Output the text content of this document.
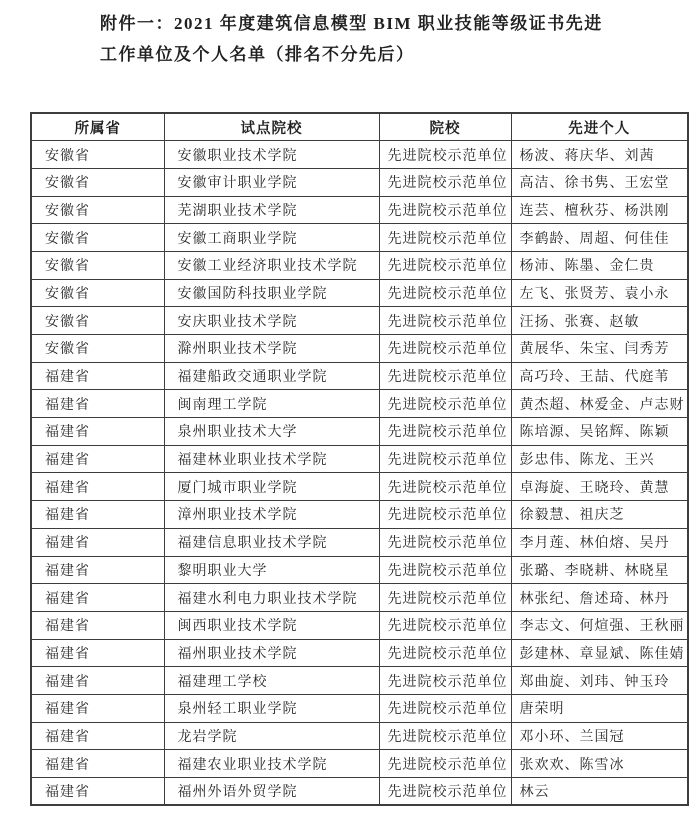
附件一：2021 年度建筑信息模型 BIM 职业技能等级证书先进
工作单位及个人名单（排名不分先后）
所属省	试点院校	院校	先进个人
安徽省	安徽职业技术学院	先进院校示范单位	杨波、蒋庆华、刘茜
安徽省	安徽审计职业学院	先进院校示范单位	高洁、徐书隽、王宏堂
安徽省	芜湖职业技术学院	先进院校示范单位	连芸、檀秋芬、杨洪刚
安徽省	安徽工商职业学院	先进院校示范单位	李鹤龄、周超、何佳佳
安徽省	安徽工业经济职业技术学院	先进院校示范单位	杨沛、陈墨、金仁贵
安徽省	安徽国防科技职业学院	先进院校示范单位	左飞、张贤芳、袁小永
安徽省	安庆职业技术学院	先进院校示范单位	汪扬、张赛、赵敏
安徽省	滁州职业技术学院	先进院校示范单位	黄展华、朱宝、闫秀芳
福建省	福建船政交通职业学院	先进院校示范单位	高巧玲、王喆、代庭苇
福建省	闽南理工学院	先进院校示范单位	黄杰超、林爱金、卢志财
福建省	泉州职业技术大学	先进院校示范单位	陈培源、吴铭辉、陈颖
福建省	福建林业职业技术学院	先进院校示范单位	彭忠伟、陈龙、王兴
福建省	厦门城市职业学院	先进院校示范单位	卓海旋、王晓玲、黄慧
福建省	漳州职业技术学院	先进院校示范单位	徐毅慧、祖庆芝
福建省	福建信息职业技术学院	先进院校示范单位	李月莲、林伯熔、吴丹
福建省	黎明职业大学	先进院校示范单位	张璐、李晓耕、林晓星
福建省	福建水利电力职业技术学院	先进院校示范单位	林张纪、詹述琦、林丹
福建省	闽西职业技术学院	先进院校示范单位	李志文、何煊强、王秋丽
福建省	福州职业技术学院	先进院校示范单位	彭建林、章显斌、陈佳婧
福建省	福建理工学校	先进院校示范单位	郑曲旋、刘玮、钟玉玲
福建省	泉州轻工职业学院	先进院校示范单位	唐荣明
福建省	龙岩学院	先进院校示范单位	邓小环、兰国冠
福建省	福建农业职业技术学院	先进院校示范单位	张欢欢、陈雪冰
福建省	福州外语外贸学院	先进院校示范单位	林云
